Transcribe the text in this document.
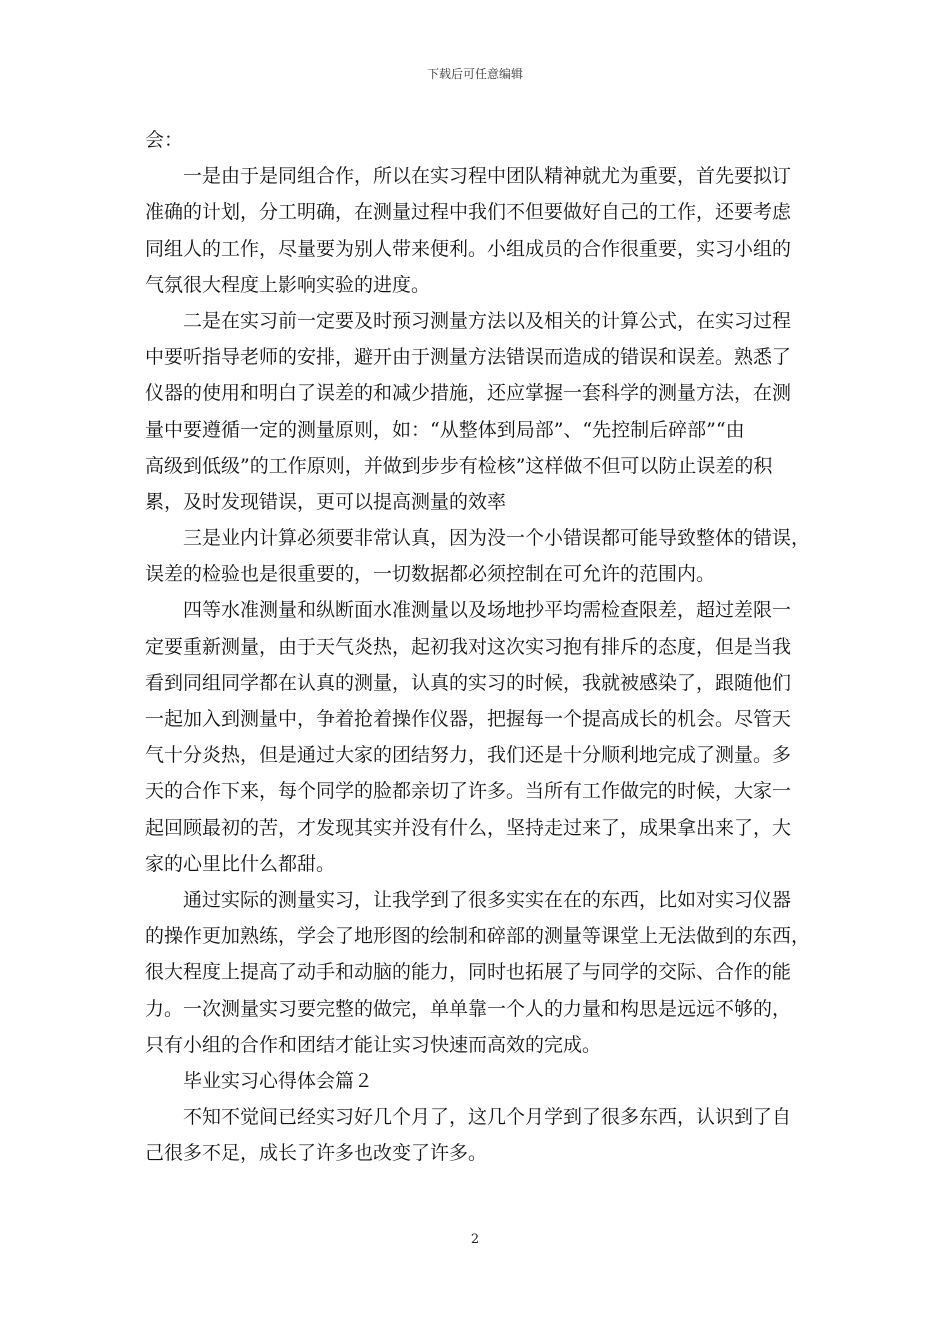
下载后可任意编辑
会：
一是由于是同组合作，所以在实习程中团队精神就尤为重要，首先要拟订
准确的计划，分工明确，在测量过程中我们不但要做好自己的工作，还要考虑
同组人的工作，尽量要为别人带来便利。小组成员的合作很重要，实习小组的
气氛很大程度上影响实验的进度。
二是在实习前一定要及时预习测量方法以及相关的计算公式，在实习过程
中要听指导老师的安排，避开由于测量方法错误而造成的错误和误差。熟悉了
仪器的使用和明白了误差的和减少措施，还应掌握一套科学的测量方法，在测
量中要遵循一定的测量原则，如：“从整体到局部”、“先控制后碎部”“由
高级到低级”的工作原则，并做到步步有检核”这样做不但可以防止误差的积
累，及时发现错误，更可以提高测量的效率
三是业内计算必须要非常认真，因为没一个小错误都可能导致整体的错误，
误差的检验也是很重要的，一切数据都必须控制在可允许的范围内。
四等水准测量和纵断面水准测量以及场地抄平均需检查限差，超过差限一
定要重新测量，由于天气炎热，起初我对这次实习抱有排斥的态度，但是当我
看到同组同学都在认真的测量，认真的实习的时候，我就被感染了，跟随他们
一起加入到测量中，争着抢着操作仪器，把握每一个提高成长的机会。尽管天
气十分炎热，但是通过大家的团结努力，我们还是十分顺利地完成了测量。多
天的合作下来，每个同学的脸都亲切了许多。当所有工作做完的时候，大家一
起回顾最初的苦，才发现其实并没有什么，坚持走过来了，成果拿出来了，大
家的心里比什么都甜。
通过实际的测量实习，让我学到了很多实实在在的东西，比如对实习仪器
的操作更加熟练，学会了地形图的绘制和碎部的测量等课堂上无法做到的东西，
很大程度上提高了动手和动脑的能力，同时也拓展了与同学的交际、合作的能
力。一次测量实习要完整的做完，单单靠一个人的力量和构思是远远不够的，
只有小组的合作和团结才能让实习快速而高效的完成。
毕业实习心得体会篇２
不知不觉间已经实习好几个月了，这几个月学到了很多东西，认识到了自
己很多不足，成长了许多也改变了许多。
2
